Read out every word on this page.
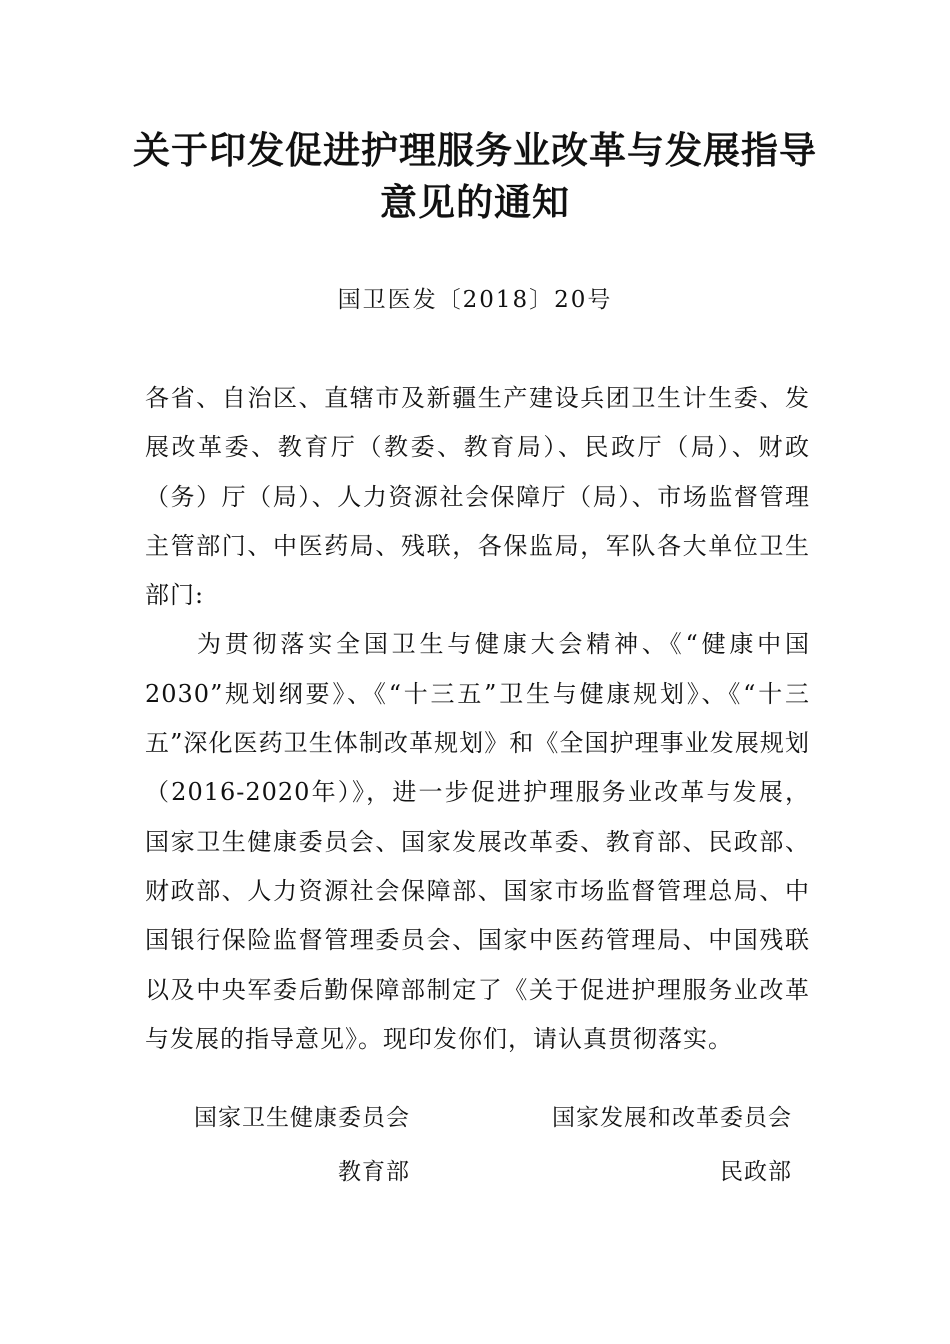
关于印发促进护理服务业改革与发展指导
意见的通知
国卫医发〔2018〕20号

各省、自治区、直辖市及新疆生产建设兵团卫生计生委、发展改革委、教育厅（教委、教育局）、民政厅（局）、财政（务）厅（局）、人力资源社会保障厅（局）、市场监督管理主管部门、中医药局、残联，各保监局，军队各大单位卫生部门:

为贯彻落实全国卫生与健康大会精神、《“健康中国2030”规划纲要》、《“十三五”卫生与健康规划》、《“十三五”深化医药卫生体制改革规划》和《全国护理事业发展规划（2016-2020年）》，进一步促进护理服务业改革与发展，国家卫生健康委员会、国家发展改革委、教育部、民政部、财政部、人力资源社会保障部、国家市场监督管理总局、中国银行保险监督管理委员会、国家中医药管理局、中国残联以及中央军委后勤保障部制定了《关于促进护理服务业改革与发展的指导意见》。现印发你们，请认真贯彻落实。

国家卫生健康委员会	国家发展和改革委员会
教育部	民政部
